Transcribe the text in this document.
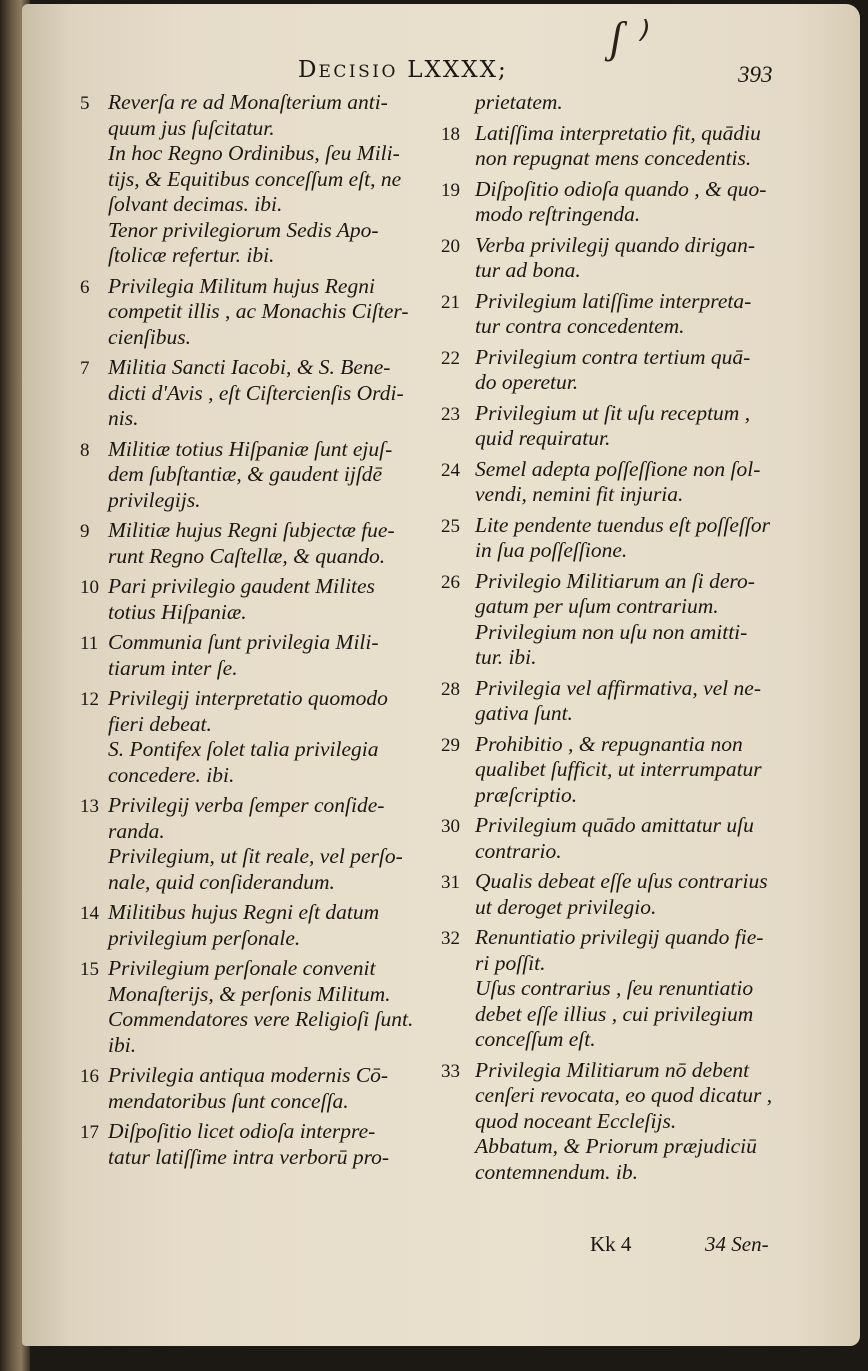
ʃ ⁾
DECISIO LXXXX;	393
5 Reverſa re ad Monaſterium anti-
quum jus ſuſcitatur.
In hoc Regno Ordinibus, ſeu Mili-
tijs, & Equitibus conceſſum eſt, ne
ſolvant decimas. ibi.
Tenor privilegiorum Sedis Apo-
ſtolicæ refertur. ibi.
6 Privilegia Militum hujus Regni
competit illis , ac Monachis Ciſter-
cienſibus.
7 Militia Sancti Iacobi, & S. Bene-
dicti d'Avis , eſt Ciſtercienſis Ordi-
nis.
8 Militiæ totius Hiſpaniæ ſunt ejuſ-
dem ſubſtantiæ, & gaudent ijſdē
privilegijs.
9 Militiæ hujus Regni ſubjectæ fue-
runt Regno Caſtellæ, & quando.
10 Pari privilegio gaudent Milites
totius Hiſpaniæ.
11 Communia ſunt privilegia Mili-
tiarum inter ſe.
12 Privilegij interpretatio quomodo
fieri debeat.
S. Pontifex ſolet talia privilegia
concedere. ibi.
13 Privilegij verba ſemper conſide-
randa.
Privilegium, ut ſit reale, vel perſo-
nale, quid conſiderandum.
14 Militibus hujus Regni eſt datum
privilegium perſonale.
15 Privilegium perſonale convenit
Monaſterijs, & perſonis Militum.
Commendatores vere Religioſi ſunt.
ibi.
16 Privilegia antiqua modernis Cō-
mendatoribus ſunt conceſſa.
17 Diſpoſitio licet odioſa interpre-
tatur latiſſime intra verborū pro-
prietatem.
18 Latiſſima interpretatio fit, quādiu
non repugnat mens concedentis.
19 Diſpoſitio odioſa quando , & quo-
modo reſtringenda.
20 Verba privilegij quando dirigan-
tur ad bona.
21 Privilegium latiſſime interpreta-
tur contra concedentem.
22 Privilegium contra tertium quā-
do operetur.
23 Privilegium ut ſit uſu receptum ,
quid requiratur.
24 Semel adepta poſſeſſione non ſol-
vendi, nemini fit injuria.
25 Lite pendente tuendus eſt poſſeſſor
in ſua poſſeſſione.
26 Privilegio Militiarum an ſi dero-
gatum per uſum contrarium.
Privilegium non uſu non amitti-
tur. ibi.
28 Privilegia vel affirmativa, vel ne-
gativa ſunt.
29 Prohibitio , & repugnantia non
qualibet ſufficit, ut interrumpatur
præſcriptio.
30 Privilegium quādo amittatur uſu
contrario.
31 Qualis debeat eſſe uſus contrarius
ut deroget privilegio.
32 Renuntiatio privilegij quando fie-
ri poſſit.
Uſus contrarius , ſeu renuntiatio
debet eſſe illius , cui privilegium
conceſſum eſt.
33 Privilegia Militiarum nō debent
cenſeri revocata, eo quod dicatur ,
quod noceant Eccleſijs.
Abbatum, & Priorum præjudiciū
contemnendum. ib.
Kk 4	34 Sen-
